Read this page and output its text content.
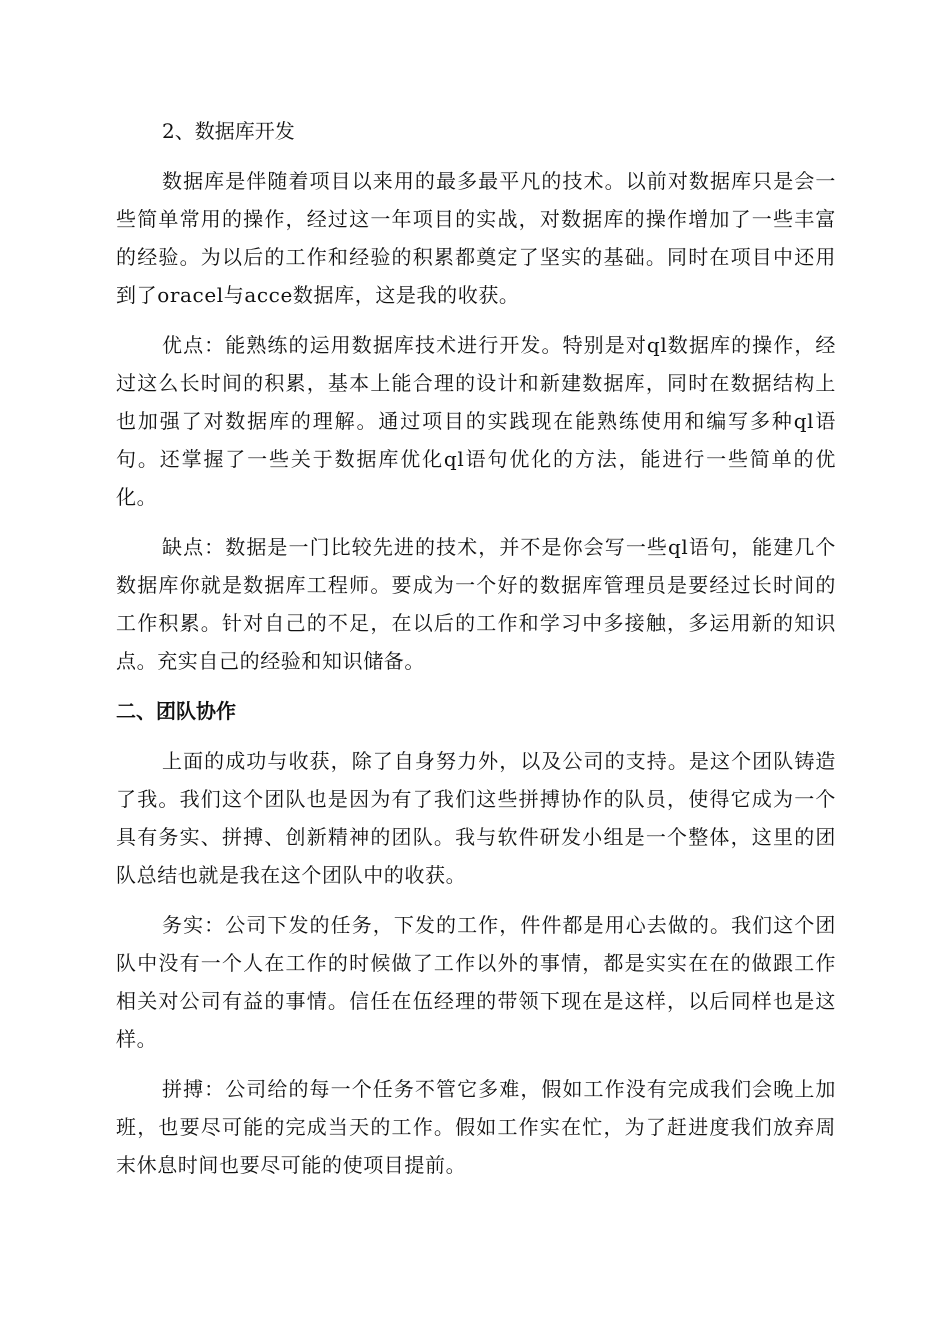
2、数据库开发

数据库是伴随着项目以来用的最多最平凡的技术。以前对数据库只是会一些简单常用的操作，经过这一年项目的实战，对数据库的操作增加了一些丰富的经验。为以后的工作和经验的积累都奠定了坚实的基础。同时在项目中还用到了oracel与acce数据库，这是我的收获。

优点：能熟练的运用数据库技术进行开发。特别是对ql数据库的操作，经过这么长时间的积累，基本上能合理的设计和新建数据库，同时在数据结构上也加强了对数据库的理解。通过项目的实践现在能熟练使用和编写多种ql语句。还掌握了一些关于数据库优化ql语句优化的方法，能进行一些简单的优化。

缺点：数据是一门比较先进的技术，并不是你会写一些ql语句，能建几个数据库你就是数据库工程师。要成为一个好的数据库管理员是要经过长时间的工作积累。针对自己的不足，在以后的工作和学习中多接触，多运用新的知识点。充实自己的经验和知识储备。

二、团队协作

上面的成功与收获，除了自身努力外，以及公司的支持。是这个团队铸造了我。我们这个团队也是因为有了我们这些拼搏协作的队员，使得它成为一个具有务实、拼搏、创新精神的团队。我与软件研发小组是一个整体，这里的团队总结也就是我在这个团队中的收获。

务实：公司下发的任务，下发的工作，件件都是用心去做的。我们这个团队中没有一个人在工作的时候做了工作以外的事情，都是实实在在的做跟工作相关对公司有益的事情。信任在伍经理的带领下现在是这样，以后同样也是这样。

拼搏：公司给的每一个任务不管它多难，假如工作没有完成我们会晚上加班，也要尽可能的完成当天的工作。假如工作实在忙，为了赶进度我们放弃周末休息时间也要尽可能的使项目提前。
